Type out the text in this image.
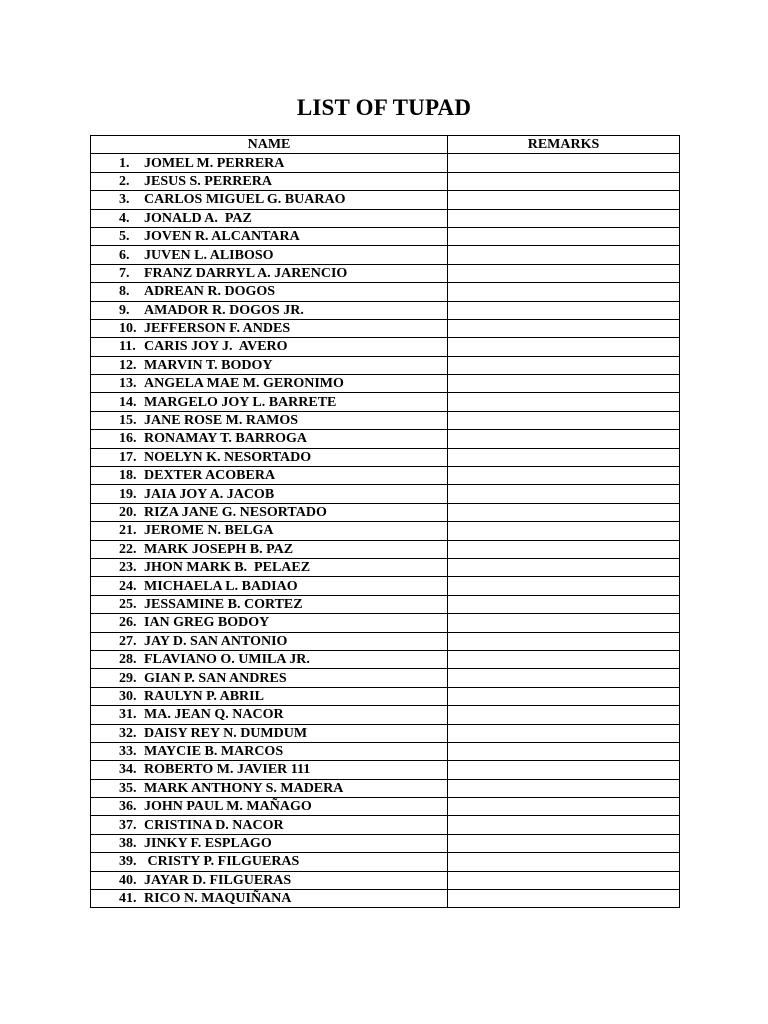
LIST OF TUPAD
NAME	REMARKS
1. JOMEL M. PERRERA	
2. JESUS S. PERRERA	
3. CARLOS MIGUEL G. BUARAO	
4. JONALD A.  PAZ	
5. JOVEN R. ALCANTARA	
6. JUVEN L. ALIBOSO	
7. FRANZ DARRYL A. JARENCIO	
8. ADREAN R. DOGOS	
9. AMADOR R. DOGOS JR.	
10. JEFFERSON F. ANDES	
11. CARIS JOY J.  AVERO	
12. MARVIN T. BODOY	
13. ANGELA MAE M. GERONIMO	
14. MARGELO JOY L. BARRETE	
15. JANE ROSE M. RAMOS	
16. RONAMAY T. BARROGA	
17. NOELYN K. NESORTADO	
18. DEXTER ACOBERA	
19. JAIA JOY A. JACOB	
20. RIZA JANE G. NESORTADO	
21. JEROME N. BELGA	
22. MARK JOSEPH B. PAZ	
23. JHON MARK B.  PELAEZ	
24. MICHAELA L. BADIAO	
25. JESSAMINE B. CORTEZ	
26. IAN GREG BODOY	
27. JAY D. SAN ANTONIO	
28. FLAVIANO O. UMILA JR.	
29. GIAN P. SAN ANDRES	
30. RAULYN P. ABRIL	
31. MA. JEAN Q. NACOR	
32. DAISY REY N. DUMDUM	
33. MAYCIE B. MARCOS	
34. ROBERTO M. JAVIER 111	
35. MARK ANTHONY S. MADERA	
36. JOHN PAUL M. MAÑAGO	
37. CRISTINA D. NACOR	
38. JINKY F. ESPLAGO	
39. CRISTY P. FILGUERAS	
40. JAYAR D. FILGUERAS	
41. RICO N. MAQUIÑANA	
